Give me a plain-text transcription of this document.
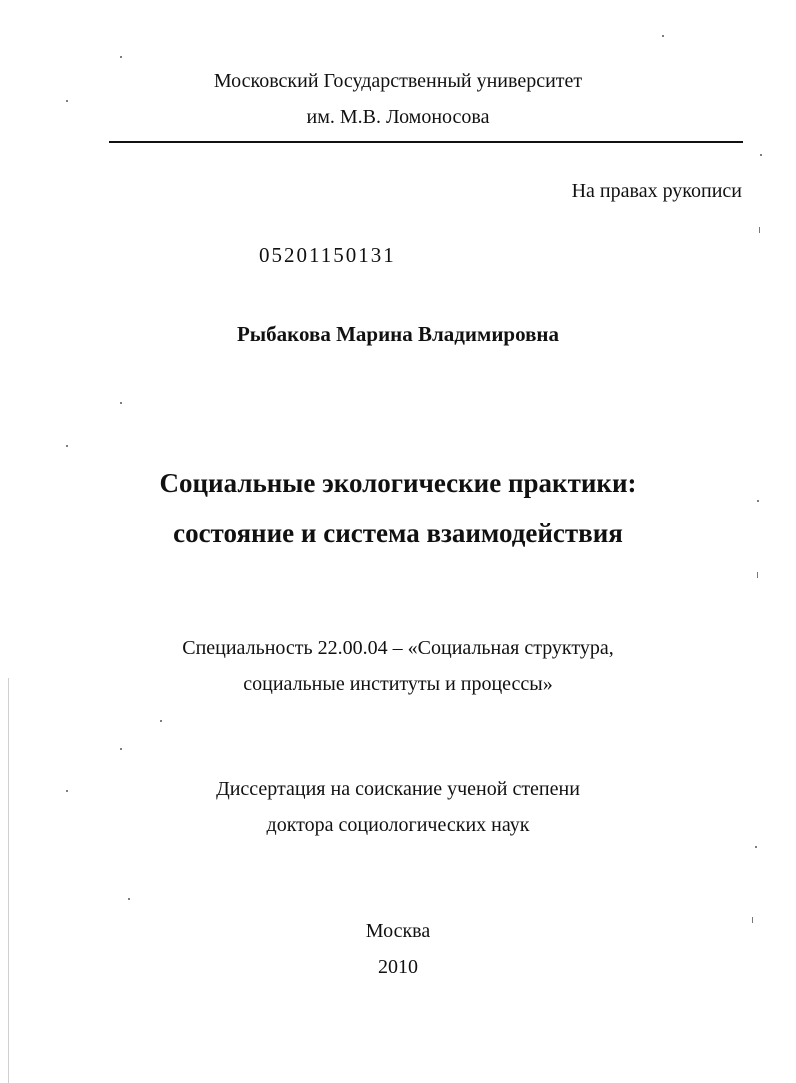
Московский Государственный университет
им. М.В. Ломоносова
На правах рукописи
05201150131
Рыбакова Марина Владимировна
Социальные экологические практики:
состояние и система взаимодействия
Специальность 22.00.04 – «Социальная структура,
социальные институты и процессы»
Диссертация на соискание ученой степени
доктора социологических наук
Москва
2010
